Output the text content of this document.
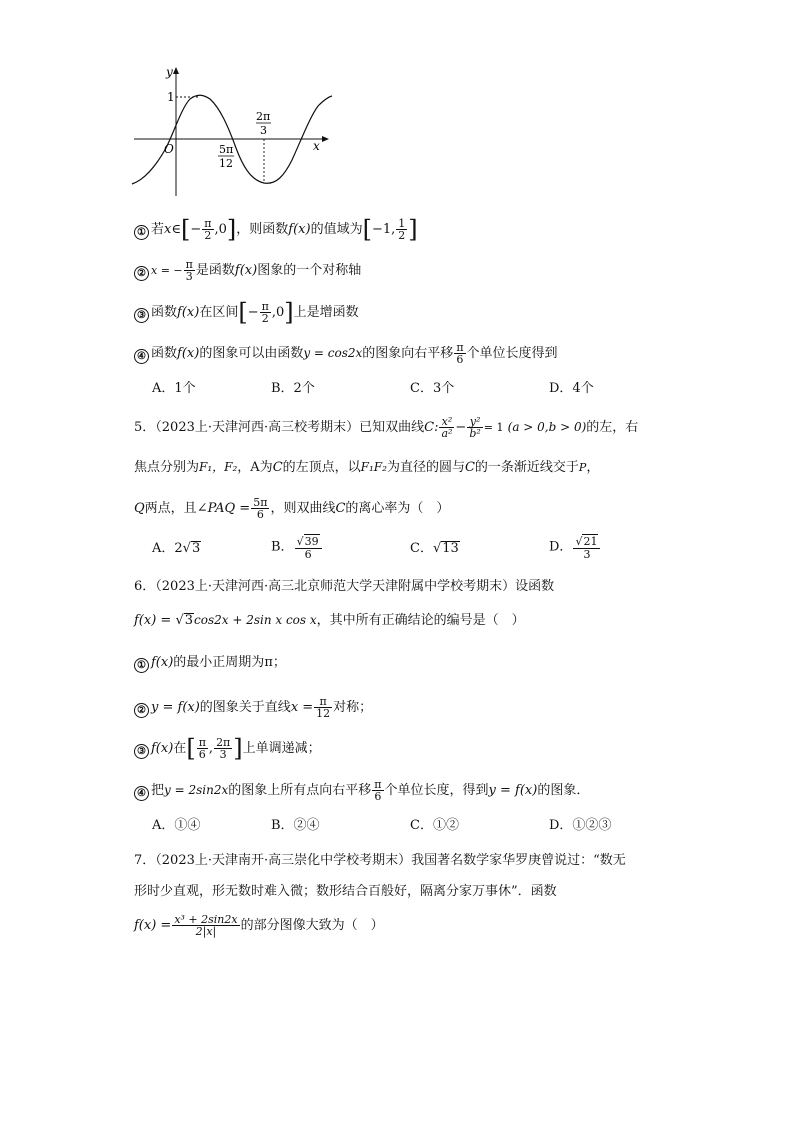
y
x
O
1
2π
3
5π
12
① 若x∈[− $\frac{\pi}{2} ,0$]，则函数f(x)的值域为[−1, $\frac{1}{2}$ ]
② x = − $\frac{\pi}{3}$ 是函数f(x)图象的一个对称轴
③ 函数f(x)在区间[− $\frac{\pi}{2} ,0$]上是增函数
④ 函数f(x)的图象可以由函数y = cos2x的图象向右平移 $\frac{\pi}{6}$ 个单位长度得到
A．1个	B．2个	C．3个	D．4个
5．（2023上·天津河西·高三校考期末）已知双曲线C: $\frac{\text{x²}}{\text{a²}} - \frac{\text{y²}}{\text{b²}} = 1$ (a > 0,b > 0)的左，右
焦点分别为F₁，F₂，A为C的左顶点，以F₁F₂为直径的圆与C的一条渐近线交于P，
Q两点，且∠PAQ = $\frac{5\pi}{6}$ ，则双曲线C的离心率为（　）
A．2√3	B． $\frac{√39}{6}$	C．√13	D． $\frac{√21}{3}$
6．（2023上·天津河西·高三北京师范大学天津附属中学校考期末）设函数
f(x) = √3cos2x + 2sin x cos x，其中所有正确结论的编号是（　）
① f(x)的最小正周期为π；
② y = f(x)的图象关于直线$x = \frac{\pi}{12}$ 对称；
③ f(x)在[ $\frac{\pi}{6}$ , $\frac{2\pi}{3}$ ]上单调递减；
④ 把y = 2sin2x的图象上所有点向右平移 $\frac{\pi}{6}$ 个单位长度，得到y = f(x)的图象．
A．①④	B．②④	C．①②	D．①②③
7．（2023上·天津南开·高三崇化中学校考期末）我国著名数学家华罗庚曾说过：“数无
形时少直观，形无数时难入微；数形结合百般好，隔离分家万事休”．函数
$f(x) = \frac{\text{x³ + 2sin2x}}{2|x|}$ 的部分图像大致为（　）
